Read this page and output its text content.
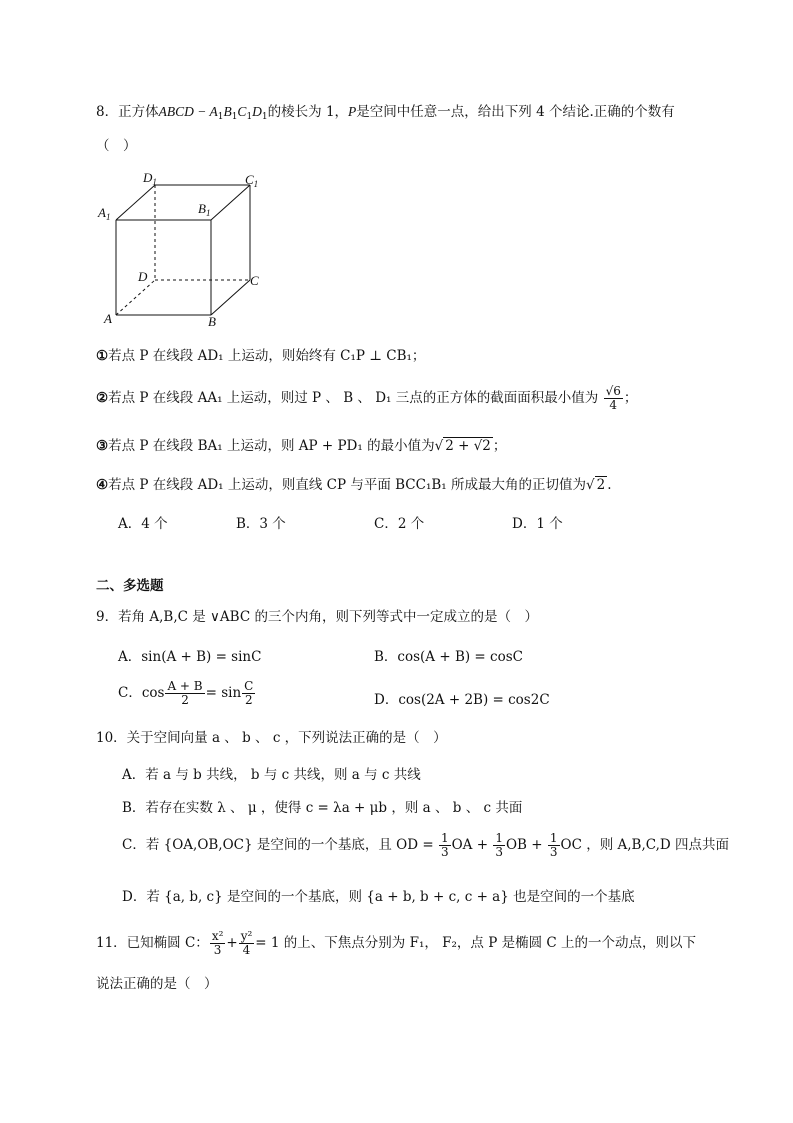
8．正方体ABCD − $A_1B_1C_1D_1$的棱长为 1，P是空间中任意一点，给出下列 4 个结论.正确的个数有
（　）
$D_1$	$C_1$
$A_1$
$B_1$
D	C
A	B
①若点 P 在线段 AD₁ 上运动，则始终有 C₁P ⊥ CB₁；
②若点 P 在线段 AA₁ 上运动，则过 P 、 B 、 D₁ 三点的正方体的截面面积最小值为 $\frac{√6}{4}$ ；
③若点 P 在线段 BA₁ 上运动，则 AP + PD₁ 的最小值为√ 2 + √2 ；
④若点 P 在线段 AD₁ 上运动，则直线 CP 与平面 BCC₁B₁ 所成最大角的正切值为√ 2 .
A．4 个	B．3 个	C．2 个	D．1 个
二、多选题
9．若角 A,B,C 是 ∨ABC 的三个内角，则下列等式中一定成立的是（　）
A．sin(A + B) = sinC	B．cos(A + B) = cosC
C．$\cos \frac{A + B}{2} = \sin \frac{C}{2}$	D．cos(2A + 2B) = cos2C
10．关于空间向量 a 、 b 、 c ，下列说法正确的是（　）
A．若 a 与 b 共线， b 与 c 共线，则 a 与 c 共线
B．若存在实数 λ 、 μ ，使得 c = λa + μb ，则 a 、 b 、 c 共面
C．若 {OA,OB,OC} 是空间的一个基底，且 OD = $\frac{1}{3}$ OA + $\frac{1}{3}$ OB + $\frac{1}{3}$ OC ，则 A,B,C,D 四点共面
D．若 {a, b, c} 是空间的一个基底，则 {a + b, b + c, c + a} 也是空间的一个基底
11．已知椭圆 C： $\frac{\text{x²}}{3} + \frac{\text{y²}}{4} = 1$ 的上、下焦点分别为 F₁， F₂，点 P 是椭圆 C 上的一个动点，则以下
说法正确的是（　）
